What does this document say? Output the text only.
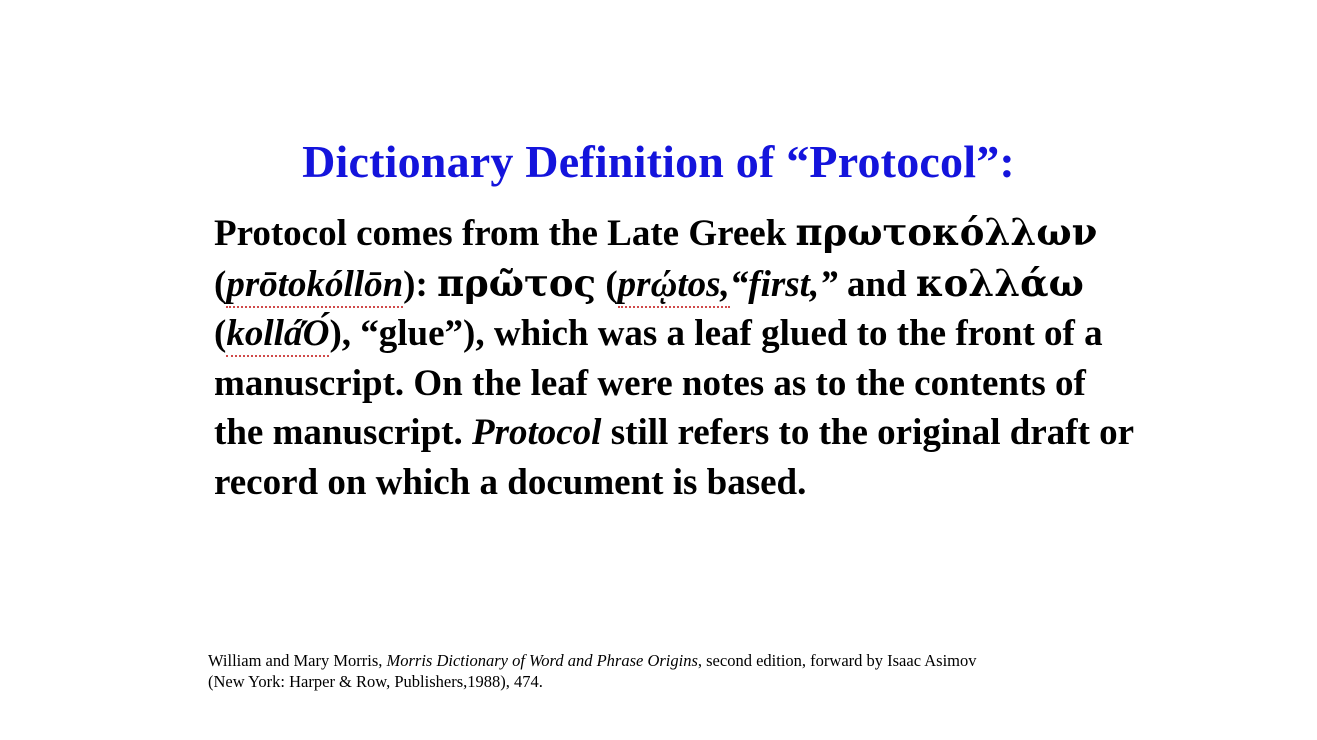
Dictionary Definition of “Protocol”:
Protocol comes from the Late Greek πρωτοκόλλων (prōtokóllōn): πρῶτος (prῴtos,“first,” and κολλάω (kolláΌ́), “glue”), which was a leaf glued to the front of a manuscript. On the leaf were notes as to the contents of the manuscript. Protocol still refers to the original draft or record on which a document is based.
William and Mary Morris, Morris Dictionary of Word and Phrase Origins, second edition, forward by Isaac Asimov
(New York: Harper & Row, Publishers,1988), 474.
